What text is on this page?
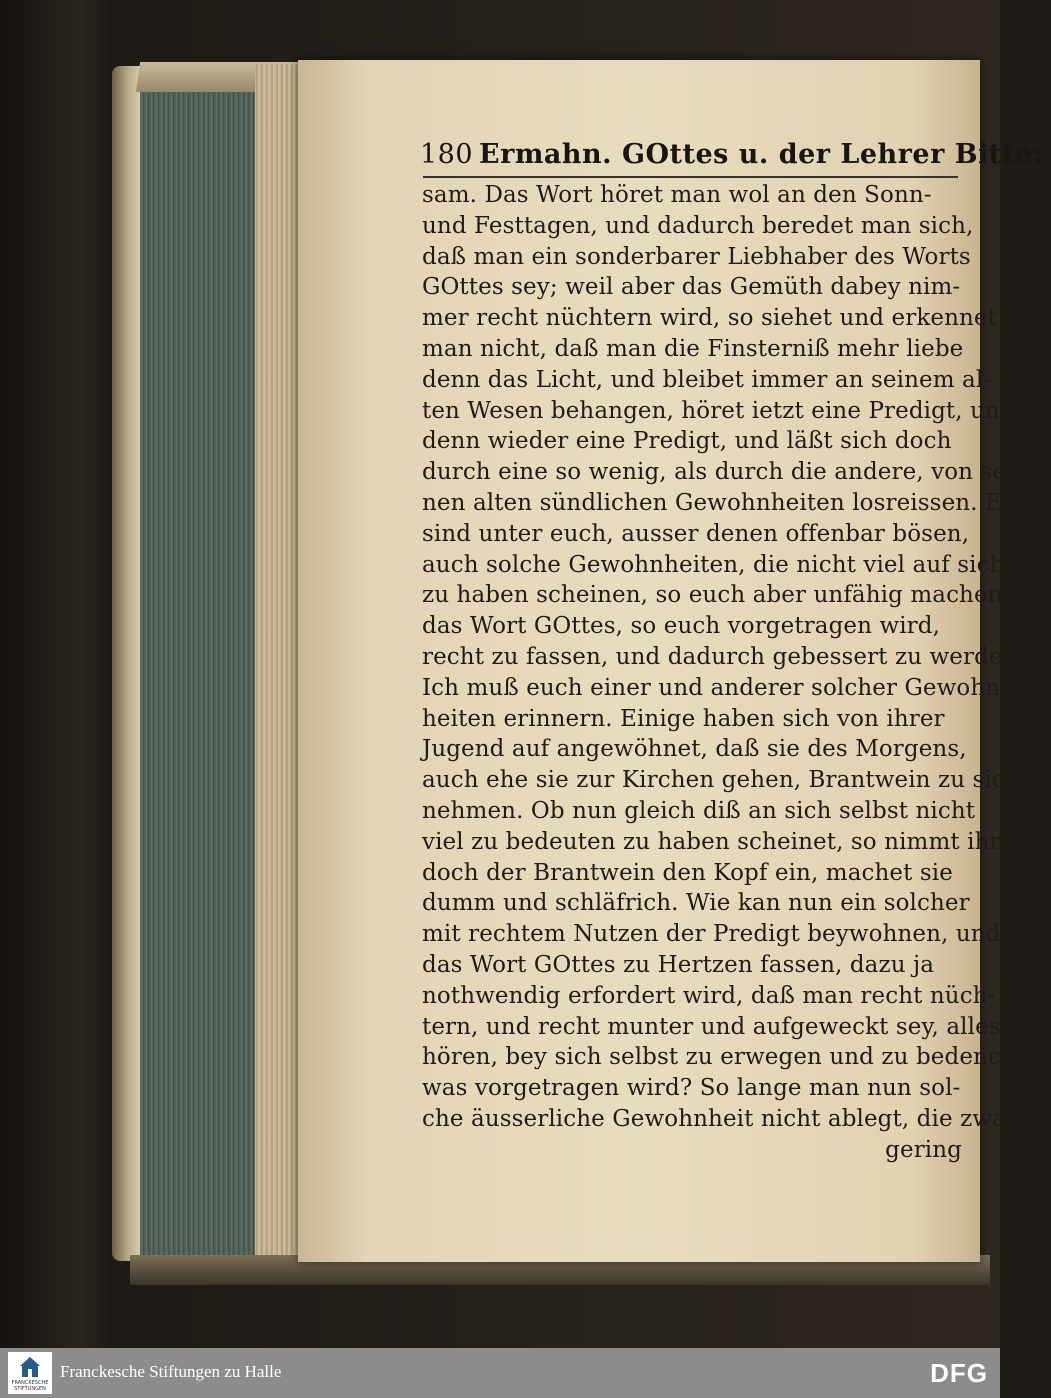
180 Ermahn. GOttes u. der Lehrer Bitte:
sam. Das Wort höret man wol an den Sonn-
und Festtagen, und dadurch beredet man sich,
daß man ein sonderbarer Liebhaber des Worts
GOttes sey; weil aber das Gemüth dabey nim-
mer recht nüchtern wird, so siehet und erkennet
man nicht, daß man die Finsterniß mehr liebe
denn das Licht, und bleibet immer an seinem al-
ten Wesen behangen, höret ietzt eine Predigt, und
denn wieder eine Predigt, und läßt sich doch
durch eine so wenig, als durch die andere, von sei-
nen alten sündlichen Gewohnheiten losreissen. Es
sind unter euch, ausser denen offenbar bösen,
auch solche Gewohnheiten, die nicht viel auf sich
zu haben scheinen, so euch aber unfähig machen,
das Wort GOttes, so euch vorgetragen wird,
recht zu fassen, und dadurch gebessert zu werden.
Ich muß euch einer und anderer solcher Gewohn-
heiten erinnern. Einige haben sich von ihrer
Jugend auf angewöhnet, daß sie des Morgens,
auch ehe sie zur Kirchen gehen, Brantwein zu sich
nehmen. Ob nun gleich diß an sich selbst nicht
viel zu bedeuten zu haben scheinet, so nimmt ihnen
doch der Brantwein den Kopf ein, machet sie
dumm und schläfrich. Wie kan nun ein solcher
mit rechtem Nutzen der Predigt beywohnen, und
das Wort GOttes zu Hertzen fassen, dazu ja
nothwendig erfordert wird, daß man recht nüch-
tern, und recht munter und aufgeweckt sey, alles zu
hören, bey sich selbst zu erwegen und zu bedencken,
was vorgetragen wird? So lange man nun sol-
che äusserliche Gewohnheit nicht ablegt, die zwar
gering
FRANCKESCHE STIFTUNGEN
Franckesche Stiftungen zu Halle	DFG
